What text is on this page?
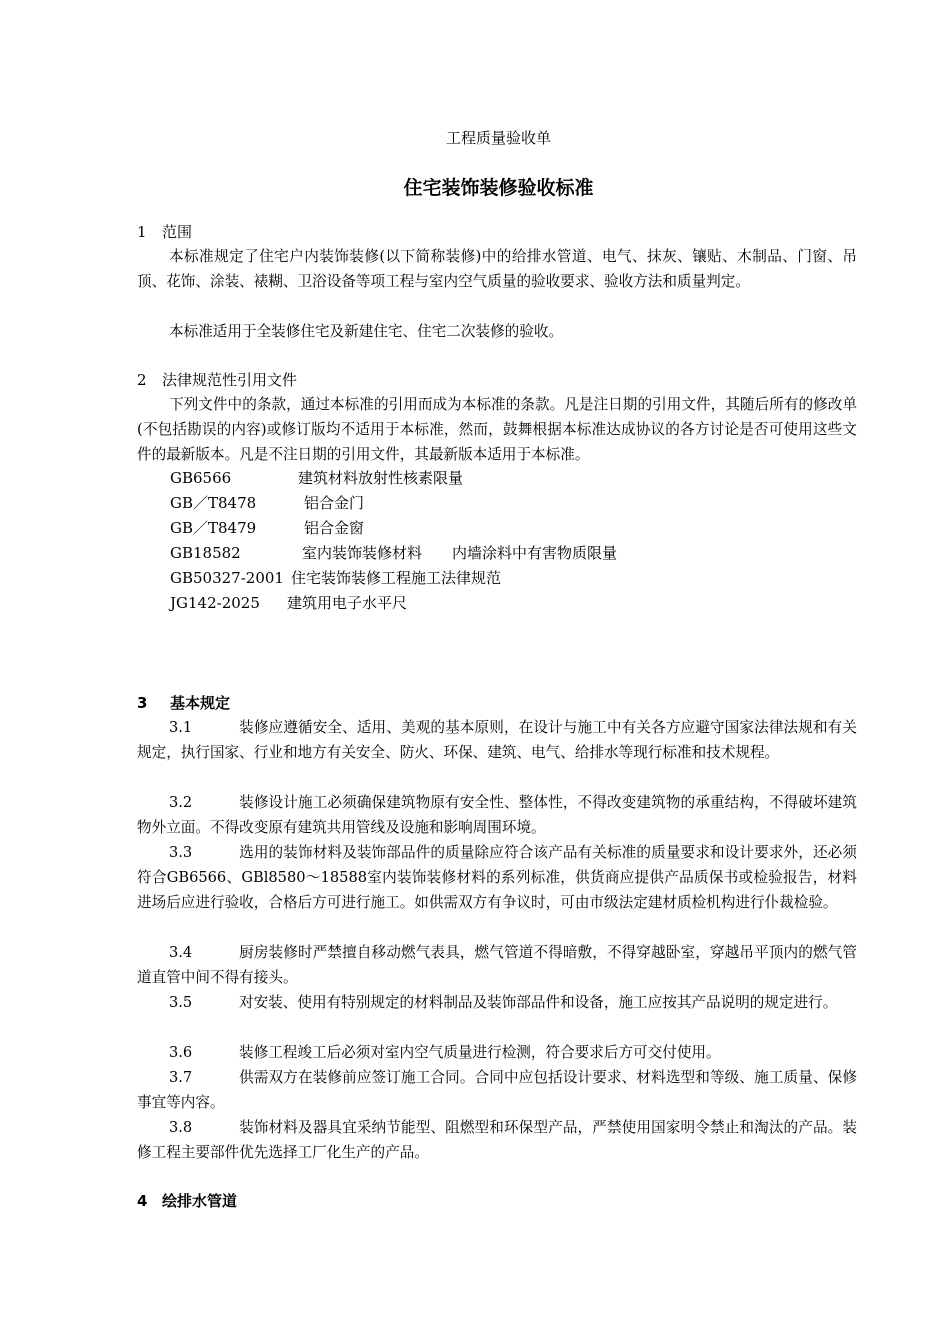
工程质量验收单
住宅装饰装修验收标准
1 范围
本标准规定了住宅户内装饰装修(以下简称装修)中的给排水管道、电气、抹灰、镶贴、木制品、门窗、吊顶、花饰、涂装、裱糊、卫浴设备等项工程与室内空气质量的验收要求、验收方法和质量判定。
本标准适用于全装修住宅及新建住宅、住宅二次装修的验收。
2 法律规范性引用文件
下列文件中的条款，通过本标准的引用而成为本标准的条款。凡是注日期的引用文件，其随后所有的修改单(不包括勘误的内容)或修订版均不适用于本标准，然而，鼓舞根据本标准达成协议的各方讨论是否可使用这些文件的最新版本。凡是不注日期的引用文件，其最新版本适用于本标准。
GB6566	建筑材料放射性核素限量
GB／T8478	铝合金门
GB／T8479	铝合金窗
GB18582	室内装饰装修材料　　内墙涂料中有害物质限量
GB50327-2001 住宅装饰装修工程施工法律规范
JG142-2025 建筑用电子水平尺
3 基本规定
3.1	装修应遵循安全、适用、美观的基本原则，在设计与施工中有关各方应避守国家法律法规和有关规定，执行国家、行业和地方有关安全、防火、环保、建筑、电气、给排水等现行标准和技术规程。
3.2	装修设计施工必须确保建筑物原有安全性、整体性，不得改变建筑物的承重结构，不得破坏建筑物外立面。不得改变原有建筑共用管线及设施和影响周围环境。
3.3	选用的装饰材料及装饰部品件的质量除应符合该产品有关标准的质量要求和设计要求外，还必须符合GB6566、GBl8580～18588室内装饰装修材料的系列标准，供货商应提供产品质保书或检验报告，材料进场后应进行验收，合格后方可进行施工。如供需双方有争议时，可由市级法定建材质检机构进行仆裁检验。
3.4	厨房装修时严禁擅自移动燃气表具，燃气管道不得暗敷，不得穿越卧室，穿越吊平顶内的燃气管道直管中间不得有接头。
3.5	对安装、使用有特别规定的材料制品及装饰部品件和设备，施工应按其产品说明的规定进行。
3.6	装修工程竣工后必须对室内空气质量进行检测，符合要求后方可交付使用。
3.7	供需双方在装修前应签订施工合同。合同中应包括设计要求、材料选型和等级、施工质量、保修事宜等内容。
3.8	装饰材料及器具宜采纳节能型、阻燃型和环保型产品，严禁使用国家明令禁止和淘汰的产品。装修工程主要部件优先选择工厂化生产的产品。
4 绘排水管道
